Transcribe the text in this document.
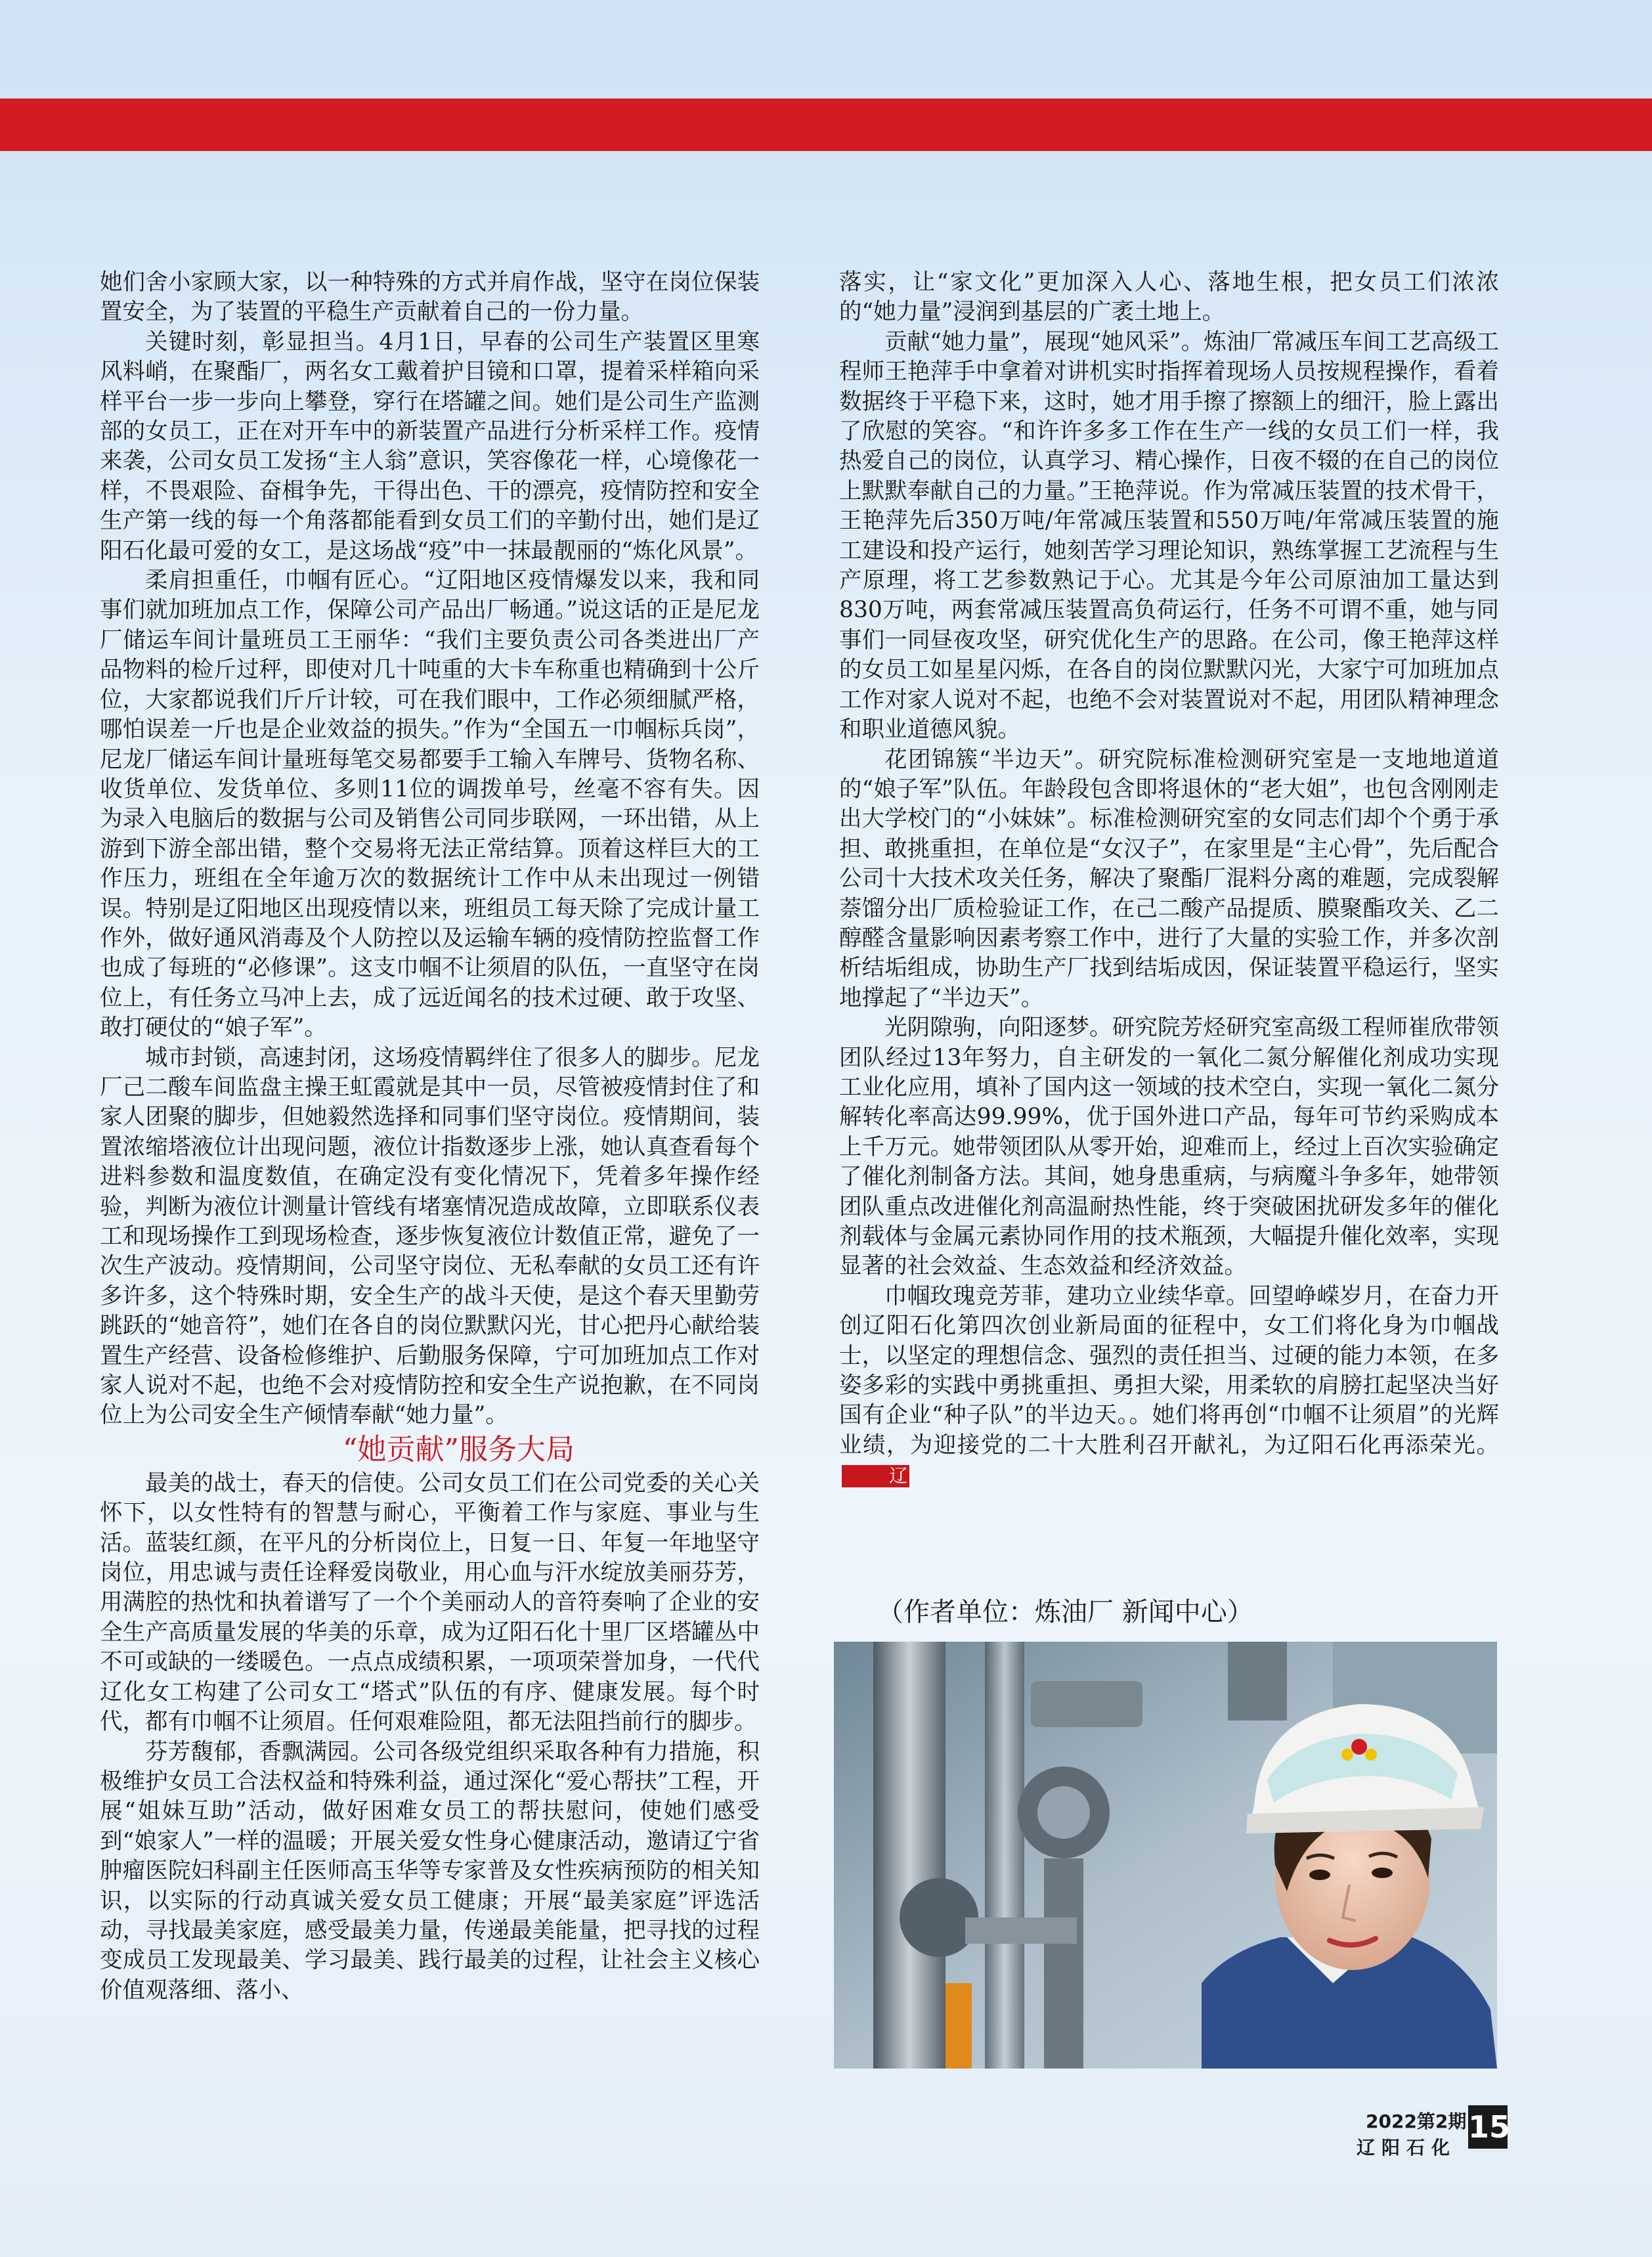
她们舍小家顾大家，以一种特殊的方式并肩作战，坚守在岗位保装置安全，为了装置的平稳生产贡献着自己的一份力量。

关键时刻，彰显担当。4月1日，早春的公司生产装置区里寒风料峭，在聚酯厂，两名女工戴着护目镜和口罩，提着采样箱向采样平台一步一步向上攀登，穿行在塔罐之间。她们是公司生产监测部的女员工，正在对开车中的新装置产品进行分析采样工作。疫情来袭，公司女员工发扬“主人翁”意识，笑容像花一样，心境像花一样，不畏艰险、奋楫争先，干得出色、干的漂亮，疫情防控和安全生产第一线的每一个角落都能看到女员工们的辛勤付出，她们是辽阳石化最可爱的女工，是这场战“疫”中一抹最靓丽的“炼化风景”。

柔肩担重任，巾帼有匠心。“辽阳地区疫情爆发以来，我和同事们就加班加点工作，保障公司产品出厂畅通。”说这话的正是尼龙厂储运车间计量班员工王丽华：“我们主要负责公司各类进出厂产品物料的检斤过秤，即使对几十吨重的大卡车称重也精确到十公斤位，大家都说我们斤斤计较，可在我们眼中，工作必须细腻严格，哪怕误差一斤也是企业效益的损失。”作为“全国五一巾帼标兵岗”，尼龙厂储运车间计量班每笔交易都要手工输入车牌号、货物名称、收货单位、发货单位、多则11位的调拨单号，丝毫不容有失。因为录入电脑后的数据与公司及销售公司同步联网，一环出错，从上游到下游全部出错，整个交易将无法正常结算。顶着这样巨大的工作压力，班组在全年逾万次的数据统计工作中从未出现过一例错误。特别是辽阳地区出现疫情以来，班组员工每天除了完成计量工作外，做好通风消毒及个人防控以及运输车辆的疫情防控监督工作也成了每班的“必修课”。这支巾帼不让须眉的队伍，一直坚守在岗位上，有任务立马冲上去，成了远近闻名的技术过硬、敢于攻坚、敢打硬仗的“娘子军”。

城市封锁，高速封闭，这场疫情羁绊住了很多人的脚步。尼龙厂己二酸车间监盘主操王虹霞就是其中一员，尽管被疫情封住了和家人团聚的脚步，但她毅然选择和同事们坚守岗位。疫情期间，装置浓缩塔液位计出现问题，液位计指数逐步上涨，她认真查看每个进料参数和温度数值，在确定没有变化情况下，凭着多年操作经验，判断为液位计测量计管线有堵塞情况造成故障，立即联系仪表工和现场操作工到现场检查，逐步恢复液位计数值正常，避免了一次生产波动。疫情期间，公司坚守岗位、无私奉献的女员工还有许多许多，这个特殊时期，安全生产的战斗天使，是这个春天里勤劳跳跃的“她音符”，她们在各自的岗位默默闪光，甘心把丹心献给装置生产经营、设备检修维护、后勤服务保障，宁可加班加点工作对家人说对不起，也绝不会对疫情防控和安全生产说抱歉，在不同岗位上为公司安全生产倾情奉献“她力量”。

“她贡献”服务大局

最美的战士，春天的信使。公司女员工们在公司党委的关心关怀下，以女性特有的智慧与耐心，平衡着工作与家庭、事业与生活。蓝装红颜，在平凡的分析岗位上，日复一日、年复一年地坚守岗位，用忠诚与责任诠释爱岗敬业，用心血与汗水绽放美丽芬芳，用满腔的热忱和执着谱写了一个个美丽动人的音符奏响了企业的安全生产高质量发展的华美的乐章，成为辽阳石化十里厂区塔罐丛中不可或缺的一缕暖色。一点点成绩积累，一项项荣誉加身，一代代辽化女工构建了公司女工“塔式”队伍的有序、健康发展。每个时代，都有巾帼不让须眉。任何艰难险阻，都无法阻挡前行的脚步。

芬芳馥郁，香飘满园。公司各级党组织采取各种有力措施，积极维护女员工合法权益和特殊利益，通过深化“爱心帮扶”工程，开展“姐妹互助”活动，做好困难女员工的帮扶慰问，使她们感受到“娘家人”一样的温暖；开展关爱女性身心健康活动，邀请辽宁省肿瘤医院妇科副主任医师高玉华等专家普及女性疾病预防的相关知识，以实际的行动真诚关爱女员工健康；开展“最美家庭”评选活动，寻找最美家庭，感受最美力量，传递最美能量，把寻找的过程变成员工发现最美、学习最美、践行最美的过程，让社会主义核心价值观落细、落小、

落实，让“家文化”更加深入人心、落地生根，把女员工们浓浓的“她力量”浸润到基层的广袤土地上。

贡献“她力量”，展现“她风采”。炼油厂常减压车间工艺高级工程师王艳萍手中拿着对讲机实时指挥着现场人员按规程操作，看着数据终于平稳下来，这时，她才用手擦了擦额上的细汗，脸上露出了欣慰的笑容。“和许许多多工作在生产一线的女员工们一样，我热爱自己的岗位，认真学习、精心操作，日夜不辍的在自己的岗位上默默奉献自己的力量。”王艳萍说。作为常减压装置的技术骨干，王艳萍先后350万吨/年常减压装置和550万吨/年常减压装置的施工建设和投产运行，她刻苦学习理论知识，熟练掌握工艺流程与生产原理，将工艺参数熟记于心。尤其是今年公司原油加工量达到830万吨，两套常减压装置高负荷运行，任务不可谓不重，她与同事们一同昼夜攻坚，研究优化生产的思路。在公司，像王艳萍这样的女员工如星星闪烁，在各自的岗位默默闪光，大家宁可加班加点工作对家人说对不起，也绝不会对装置说对不起，用团队精神理念和职业道德风貌。

花团锦簇“半边天”。研究院标准检测研究室是一支地地道道的“娘子军”队伍。年龄段包含即将退休的“老大姐”，也包含刚刚走出大学校门的“小妹妹”。标准检测研究室的女同志们却个个勇于承担、敢挑重担，在单位是“女汉子”，在家里是“主心骨”，先后配合公司十大技术攻关任务，解决了聚酯厂混料分离的难题，完成裂解萘馏分出厂质检验证工作，在己二酸产品提质、膜聚酯攻关、乙二醇醛含量影响因素考察工作中，进行了大量的实验工作，并多次剖析结垢组成，协助生产厂找到结垢成因，保证装置平稳运行，坚实地撑起了“半边天”。

光阴隙驹，向阳逐梦。研究院芳烃研究室高级工程师崔欣带领团队经过13年努力，自主研发的一氧化二氮分解催化剂成功实现工业化应用，填补了国内这一领域的技术空白，实现一氧化二氮分解转化率高达99.99%，优于国外进口产品，每年可节约采购成本上千万元。她带领团队从零开始，迎难而上，经过上百次实验确定了催化剂制备方法。其间，她身患重病，与病魔斗争多年，她带领团队重点改进催化剂高温耐热性能，终于突破困扰研发多年的催化剂载体与金属元素协同作用的技术瓶颈，大幅提升催化效率，实现显著的社会效益、生态效益和经济效益。

巾帼玫瑰竞芳菲，建功立业续华章。回望峥嵘岁月，在奋力开创辽阳石化第四次创业新局面的征程中，女工们将化身为巾帼战士，以坚定的理想信念、强烈的责任担当、过硬的能力本领，在多姿多彩的实践中勇挑重担、勇担大梁，用柔软的肩膀扛起坚决当好国有企业“种子队”的半边天。。她们将再创“巾帼不让须眉”的光辉业绩，为迎接党的二十大胜利召开献礼，为辽阳石化再添荣光。辽

（作者单位：炼油厂 新闻中心）

2022第2期
辽阳石化
15
